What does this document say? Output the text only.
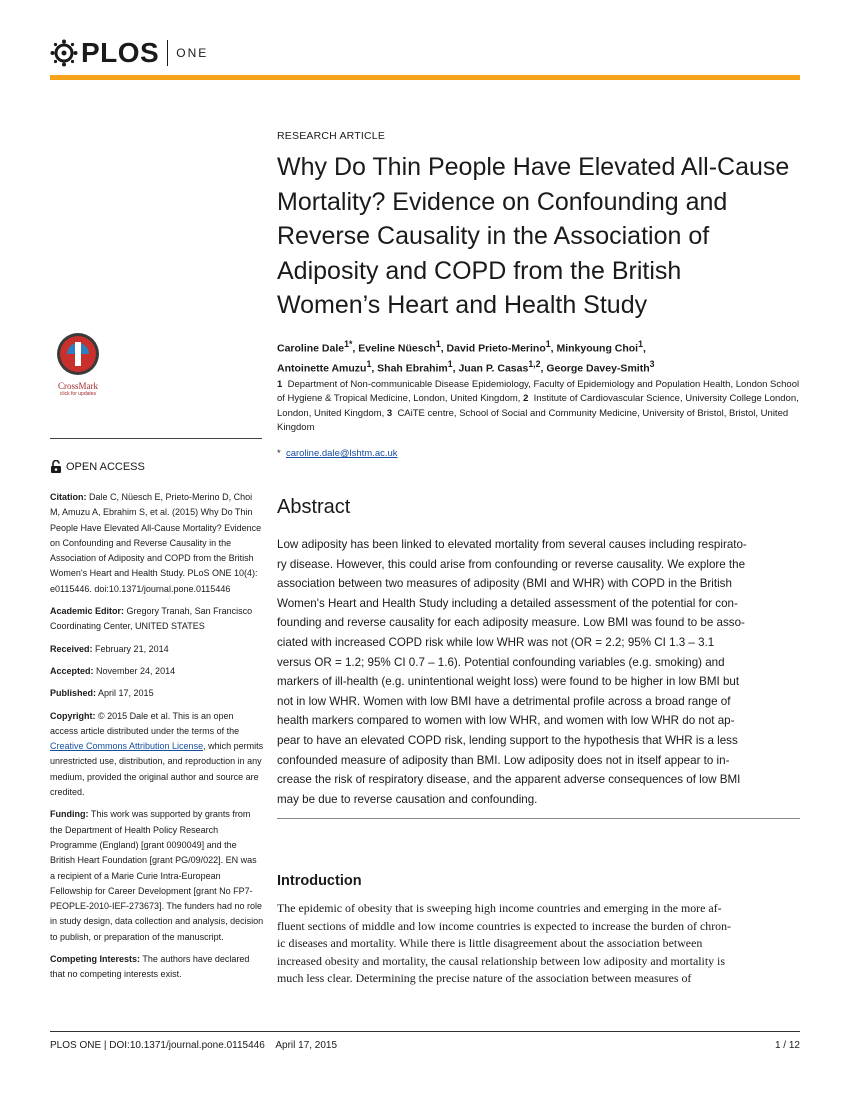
PLOS ONE
CrossMark
click for updates
OPEN ACCESS

Citation: Dale C, Nüesch E, Prieto-Merino D, Choi M, Amuzu A, Ebrahim S, et al. (2015) Why Do Thin People Have Elevated All-Cause Mortality? Evidence on Confounding and Reverse Causality in the Association of Adiposity and COPD from the British Women's Heart and Health Study. PLoS ONE 10(4): e0115446. doi:10.1371/journal.pone.0115446

Academic Editor: Gregory Tranah, San Francisco Coordinating Center, UNITED STATES

Received: February 21, 2014

Accepted: November 24, 2014

Published: April 17, 2015

Copyright: © 2015 Dale et al. This is an open access article distributed under the terms of the Creative Commons Attribution License, which permits unrestricted use, distribution, and reproduction in any medium, provided the original author and source are credited.

Funding: This work was supported by grants from the Department of Health Policy Research Programme (England) [grant 0090049] and the British Heart Foundation [grant PG/09/022]. EN was a recipient of a Marie Curie Intra-European Fellowship for Career Development [grant No FP7-PEOPLE-2010-IEF-273673]. The funders had no role in study design, data collection and analysis, decision to publish, or preparation of the manuscript.

Competing Interests: The authors have declared that no competing interests exist.

RESEARCH ARTICLE
Why Do Thin People Have Elevated All-Cause
Mortality? Evidence on Confounding and
Reverse Causality in the Association of
Adiposity and COPD from the British
Women’s Heart and Health Study
Caroline Dale$^{1*}$, Eveline Nüesch$^1$, David Prieto-Merino$^1$, Minkyoung Choi$^1$,
Antoinette Amuzu$^1$, Shah Ebrahim$^1$, Juan P. Casas$^{1,2}$, George Davey-Smith$^3$
1 Department of Non-communicable Disease Epidemiology, Faculty of Epidemiology and Population Health, London School of Hygiene & Tropical Medicine, London, United Kingdom, 2 Institute of Cardiovascular Science, University College London, London, United Kingdom, 3 CAiTE centre, School of Social and Community Medicine, University of Bristol, Bristol, United Kingdom
* caroline.dale@lshtm.ac.uk
Abstract
Low adiposity has been linked to elevated mortality from several causes including respirato-
ry disease. However, this could arise from confounding or reverse causality. We explore the
association between two measures of adiposity (BMI and WHR) with COPD in the British
Women's Heart and Health Study including a detailed assessment of the potential for con-
founding and reverse causality for each adiposity measure. Low BMI was found to be asso-
ciated with increased COPD risk while low WHR was not (OR = 2.2; 95% CI 1.3 – 3.1
versus OR = 1.2; 95% CI 0.7 – 1.6). Potential confounding variables (e.g. smoking) and
markers of ill-health (e.g. unintentional weight loss) were found to be higher in low BMI but
not in low WHR. Women with low BMI have a detrimental profile across a broad range of
health markers compared to women with low WHR, and women with low WHR do not ap-
pear to have an elevated COPD risk, lending support to the hypothesis that WHR is a less
confounded measure of adiposity than BMI. Low adiposity does not in itself appear to in-
crease the risk of respiratory disease, and the apparent adverse consequences of low BMI
may be due to reverse causation and confounding.
Introduction
The epidemic of obesity that is sweeping high income countries and emerging in the more af-
fluent sections of middle and low income countries is expected to increase the burden of chron-
ic diseases and mortality. While there is little disagreement about the association between
increased obesity and mortality, the causal relationship between low adiposity and mortality is
much less clear. Determining the precise nature of the association between measures of
PLOS ONE | DOI:10.1371/journal.pone.0115446 April 17, 2015	1 / 12
